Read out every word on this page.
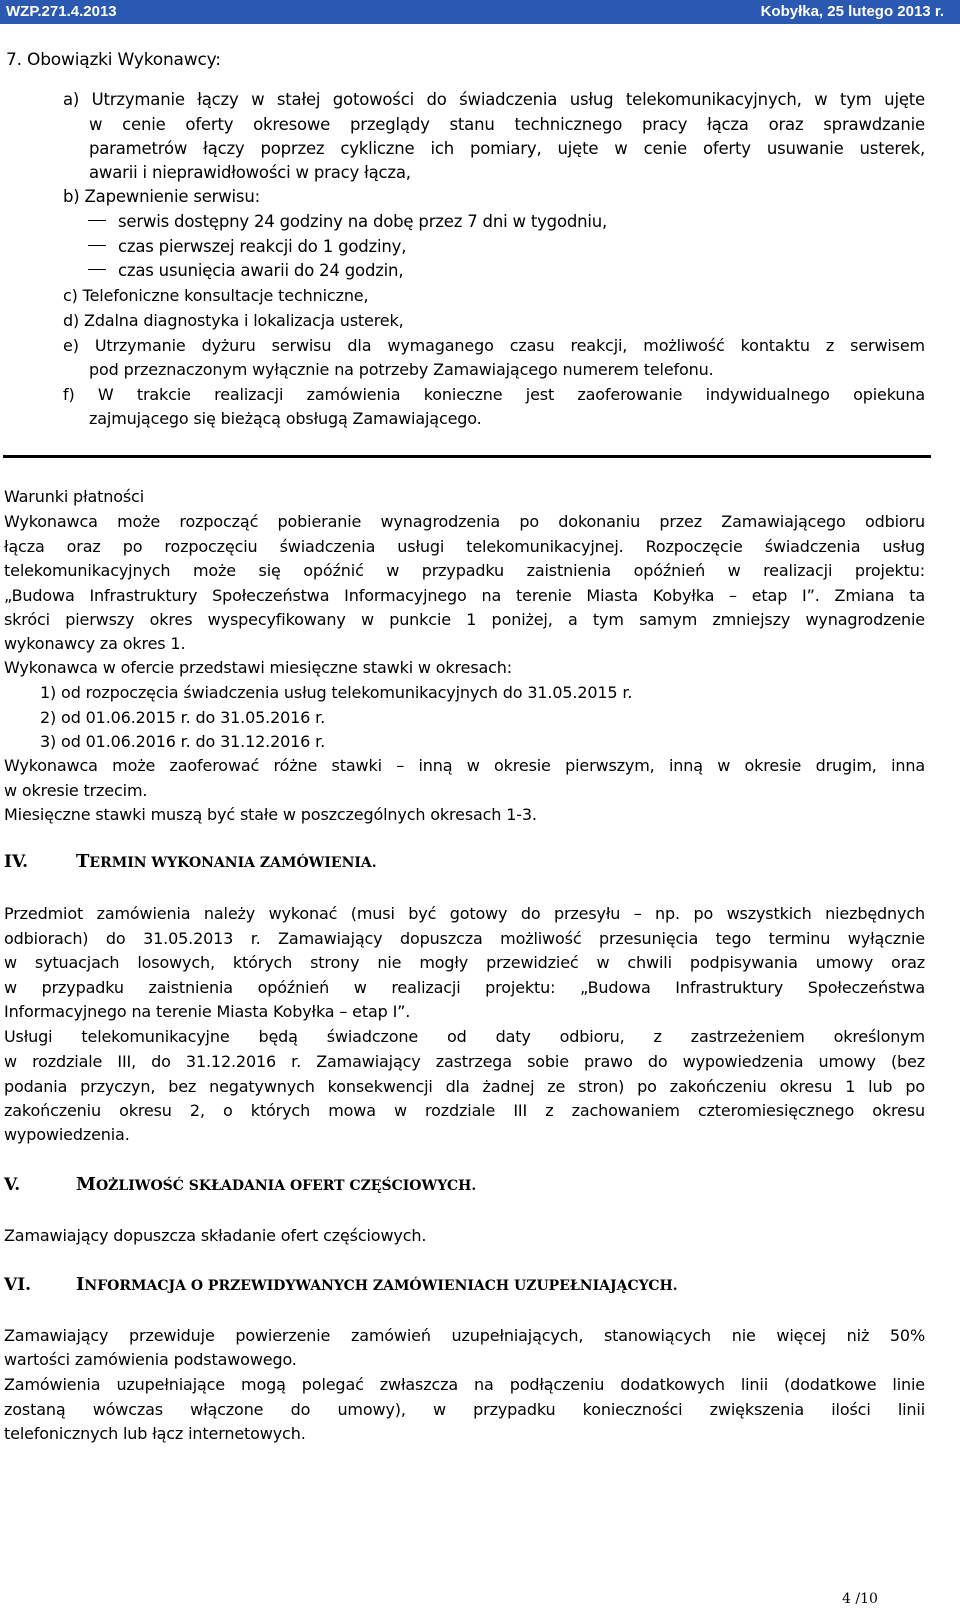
WZP.271.4.2013	Kobyłka, 25 lutego 2013 r.
7. Obowiązki Wykonawcy:
a) Utrzymanie łączy w stałej gotowości do świadczenia usług telekomunikacyjnych, w tym ujęte
w cenie oferty okresowe przeglądy stanu technicznego pracy łącza oraz sprawdzanie
parametrów łączy poprzez cykliczne ich pomiary, ujęte w cenie oferty usuwanie usterek,
awarii i nieprawidłowości w pracy łącza,
b) Zapewnienie serwisu:
serwis dostępny 24 godziny na dobę przez 7 dni w tygodniu,
czas pierwszej reakcji do 1 godziny,
czas usunięcia awarii do 24 godzin,
c) Telefoniczne konsultacje techniczne,
d) Zdalna diagnostyka i lokalizacja usterek,
e) Utrzymanie dyżuru serwisu dla wymaganego czasu reakcji, możliwość kontaktu z serwisem
pod przeznaczonym wyłącznie na potrzeby Zamawiającego numerem telefonu.
f) W trakcie realizacji zamówienia konieczne jest zaoferowanie indywidualnego opiekuna
zajmującego się bieżącą obsługą Zamawiającego.
Warunki płatności
Wykonawca może rozpocząć pobieranie wynagrodzenia po dokonaniu przez Zamawiającego odbioru
łącza oraz po rozpoczęciu świadczenia usługi telekomunikacyjnej. Rozpoczęcie świadczenia usług
telekomunikacyjnych może się opóźnić w przypadku zaistnienia opóźnień w realizacji projektu:
„Budowa Infrastruktury Społeczeństwa Informacyjnego na terenie Miasta Kobyłka – etap I”. Zmiana ta
skróci pierwszy okres wyspecyfikowany w punkcie 1 poniżej, a tym samym zmniejszy wynagrodzenie
wykonawcy za okres 1.
Wykonawca w ofercie przedstawi miesięczne stawki w okresach:
1) od rozpoczęcia świadczenia usług telekomunikacyjnych do 31.05.2015 r.
2) od 01.06.2015 r. do 31.05.2016 r.
3) od 01.06.2016 r. do 31.12.2016 r.
Wykonawca może zaoferować różne stawki – inną w okresie pierwszym, inną w okresie drugim, inna
w okresie trzecim.
Miesięczne stawki muszą być stałe w poszczególnych okresach 1-3.
IV.	TERMIN WYKONANIA ZAMÓWIENIA.
Przedmiot zamówienia należy wykonać (musi być gotowy do przesyłu – np. po wszystkich niezbędnych
odbiorach) do 31.05.2013 r. Zamawiający dopuszcza możliwość przesunięcia tego terminu wyłącznie
w sytuacjach losowych, których strony nie mogły przewidzieć w chwili podpisywania umowy oraz
w przypadku zaistnienia opóźnień w realizacji projektu: „Budowa Infrastruktury Społeczeństwa
Informacyjnego na terenie Miasta Kobyłka – etap I”.
Usługi telekomunikacyjne będą świadczone od daty odbioru, z zastrzeżeniem określonym
w rozdziale III, do 31.12.2016 r. Zamawiający zastrzega sobie prawo do wypowiedzenia umowy (bez
podania przyczyn, bez negatywnych konsekwencji dla żadnej ze stron) po zakończeniu okresu 1 lub po
zakończeniu okresu 2, o których mowa w rozdziale III z zachowaniem czteromiesięcznego okresu
wypowiedzenia.
V.	MOŻLIWOŚĆ SKŁADANIA OFERT CZĘŚCIOWYCH.
Zamawiający dopuszcza składanie ofert częściowych.
VI. INFORMACJA O PRZEWIDYWANYCH ZAMÓWIENIACH UZUPEŁNIAJĄCYCH.
Zamawiający przewiduje powierzenie zamówień uzupełniających, stanowiących nie więcej niż 50%
wartości zamówienia podstawowego.
Zamówienia uzupełniające mogą polegać zwłaszcza na podłączeniu dodatkowych linii (dodatkowe linie
zostaną wówczas włączone do umowy), w przypadku konieczności zwiększenia ilości linii
telefonicznych lub łącz internetowych.
4 /10
